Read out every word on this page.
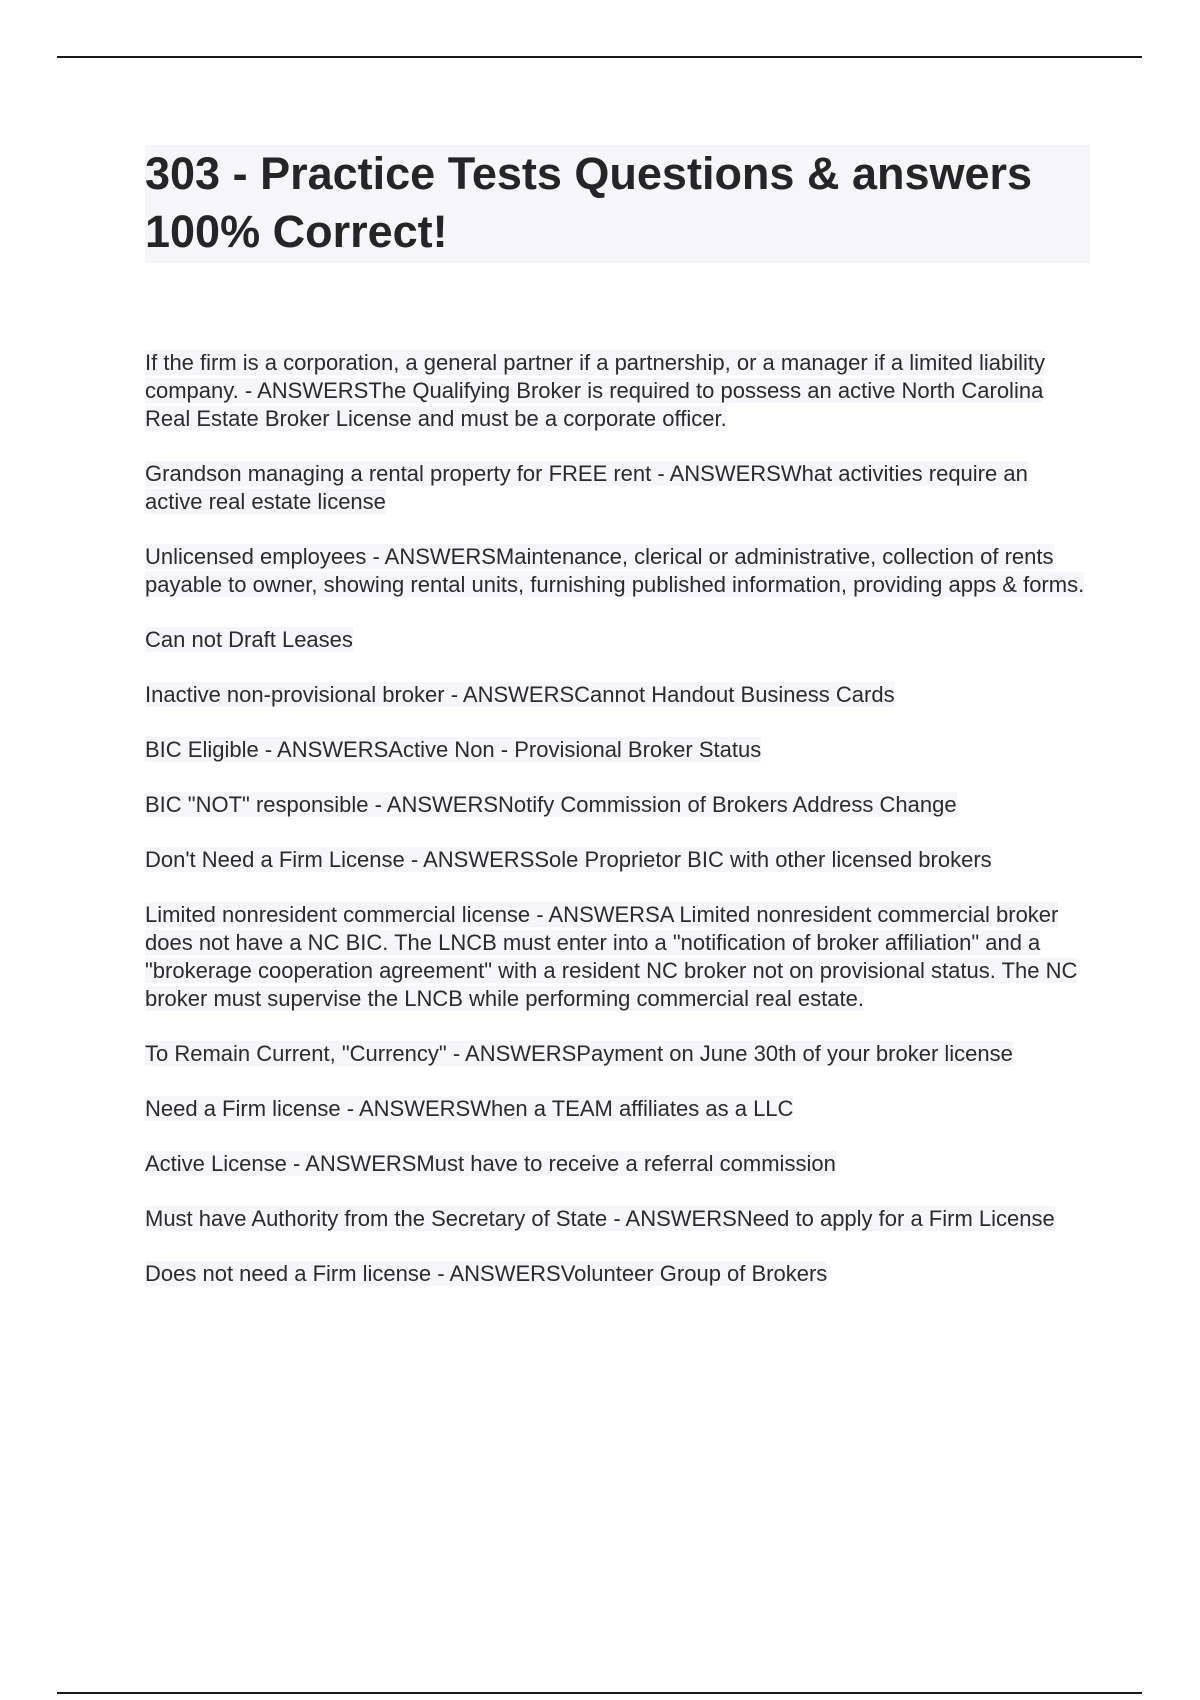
303 - Practice Tests Questions & answers 100% Correct!

If the firm is a corporation, a general partner if a partnership, or a manager if a limited liability company. - ANSWERSThe Qualifying Broker is required to possess an active North Carolina Real Estate Broker License and must be a corporate officer.

Grandson managing a rental property for FREE rent - ANSWERSWhat activities require an active real estate license

Unlicensed employees - ANSWERSMaintenance, clerical or administrative, collection of rents payable to owner, showing rental units, furnishing published information, providing apps & forms.

Can not Draft Leases

Inactive non-provisional broker - ANSWERSCannot Handout Business Cards

BIC Eligible - ANSWERSActive Non - Provisional Broker Status

BIC "NOT" responsible - ANSWERSNotify Commission of Brokers Address Change

Don't Need a Firm License - ANSWERSSole Proprietor BIC with other licensed brokers

Limited nonresident commercial license - ANSWERSA Limited nonresident commercial broker does not have a NC BIC. The LNCB must enter into a "notification of broker affiliation" and a "brokerage cooperation agreement" with a resident NC broker not on provisional status. The NC broker must supervise the LNCB while performing commercial real estate.

To Remain Current, "Currency" - ANSWERSPayment on June 30th of your broker license

Need a Firm license - ANSWERSWhen a TEAM affiliates as a LLC

Active License - ANSWERSMust have to receive a referral commission

Must have Authority from the Secretary of State - ANSWERSNeed to apply for a Firm License

Does not need a Firm license - ANSWERSVolunteer Group of Brokers
